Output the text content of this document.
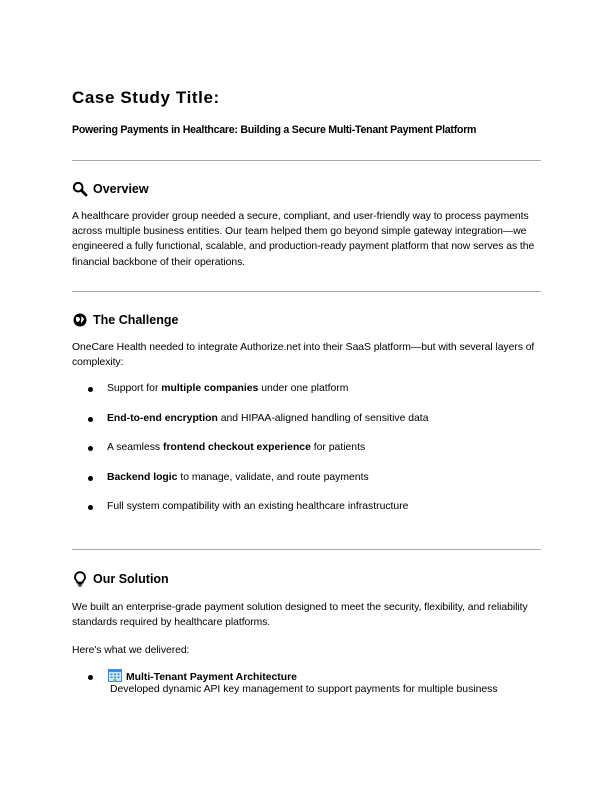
Case Study Title:
Powering Payments in Healthcare: Building a Secure Multi-Tenant Payment Platform
Overview
A healthcare provider group needed a secure, compliant, and user-friendly way to process payments across multiple business entities. Our team helped them go beyond simple gateway integration—we engineered a fully functional, scalable, and production-ready payment platform that now serves as the financial backbone of their operations.
The Challenge
OneCare Health needed to integrate Authorize.net into their SaaS platform—but with several layers of complexity:
Support for multiple companies under one platform
End-to-end encryption and HIPAA-aligned handling of sensitive data
A seamless frontend checkout experience for patients
Backend logic to manage, validate, and route payments
Full system compatibility with an existing healthcare infrastructure
Our Solution
We built an enterprise-grade payment solution designed to meet the security, flexibility, and reliability standards required by healthcare platforms.
Here's what we delivered:
Multi-Tenant Payment Architecture
Developed dynamic API key management to support payments for multiple business
